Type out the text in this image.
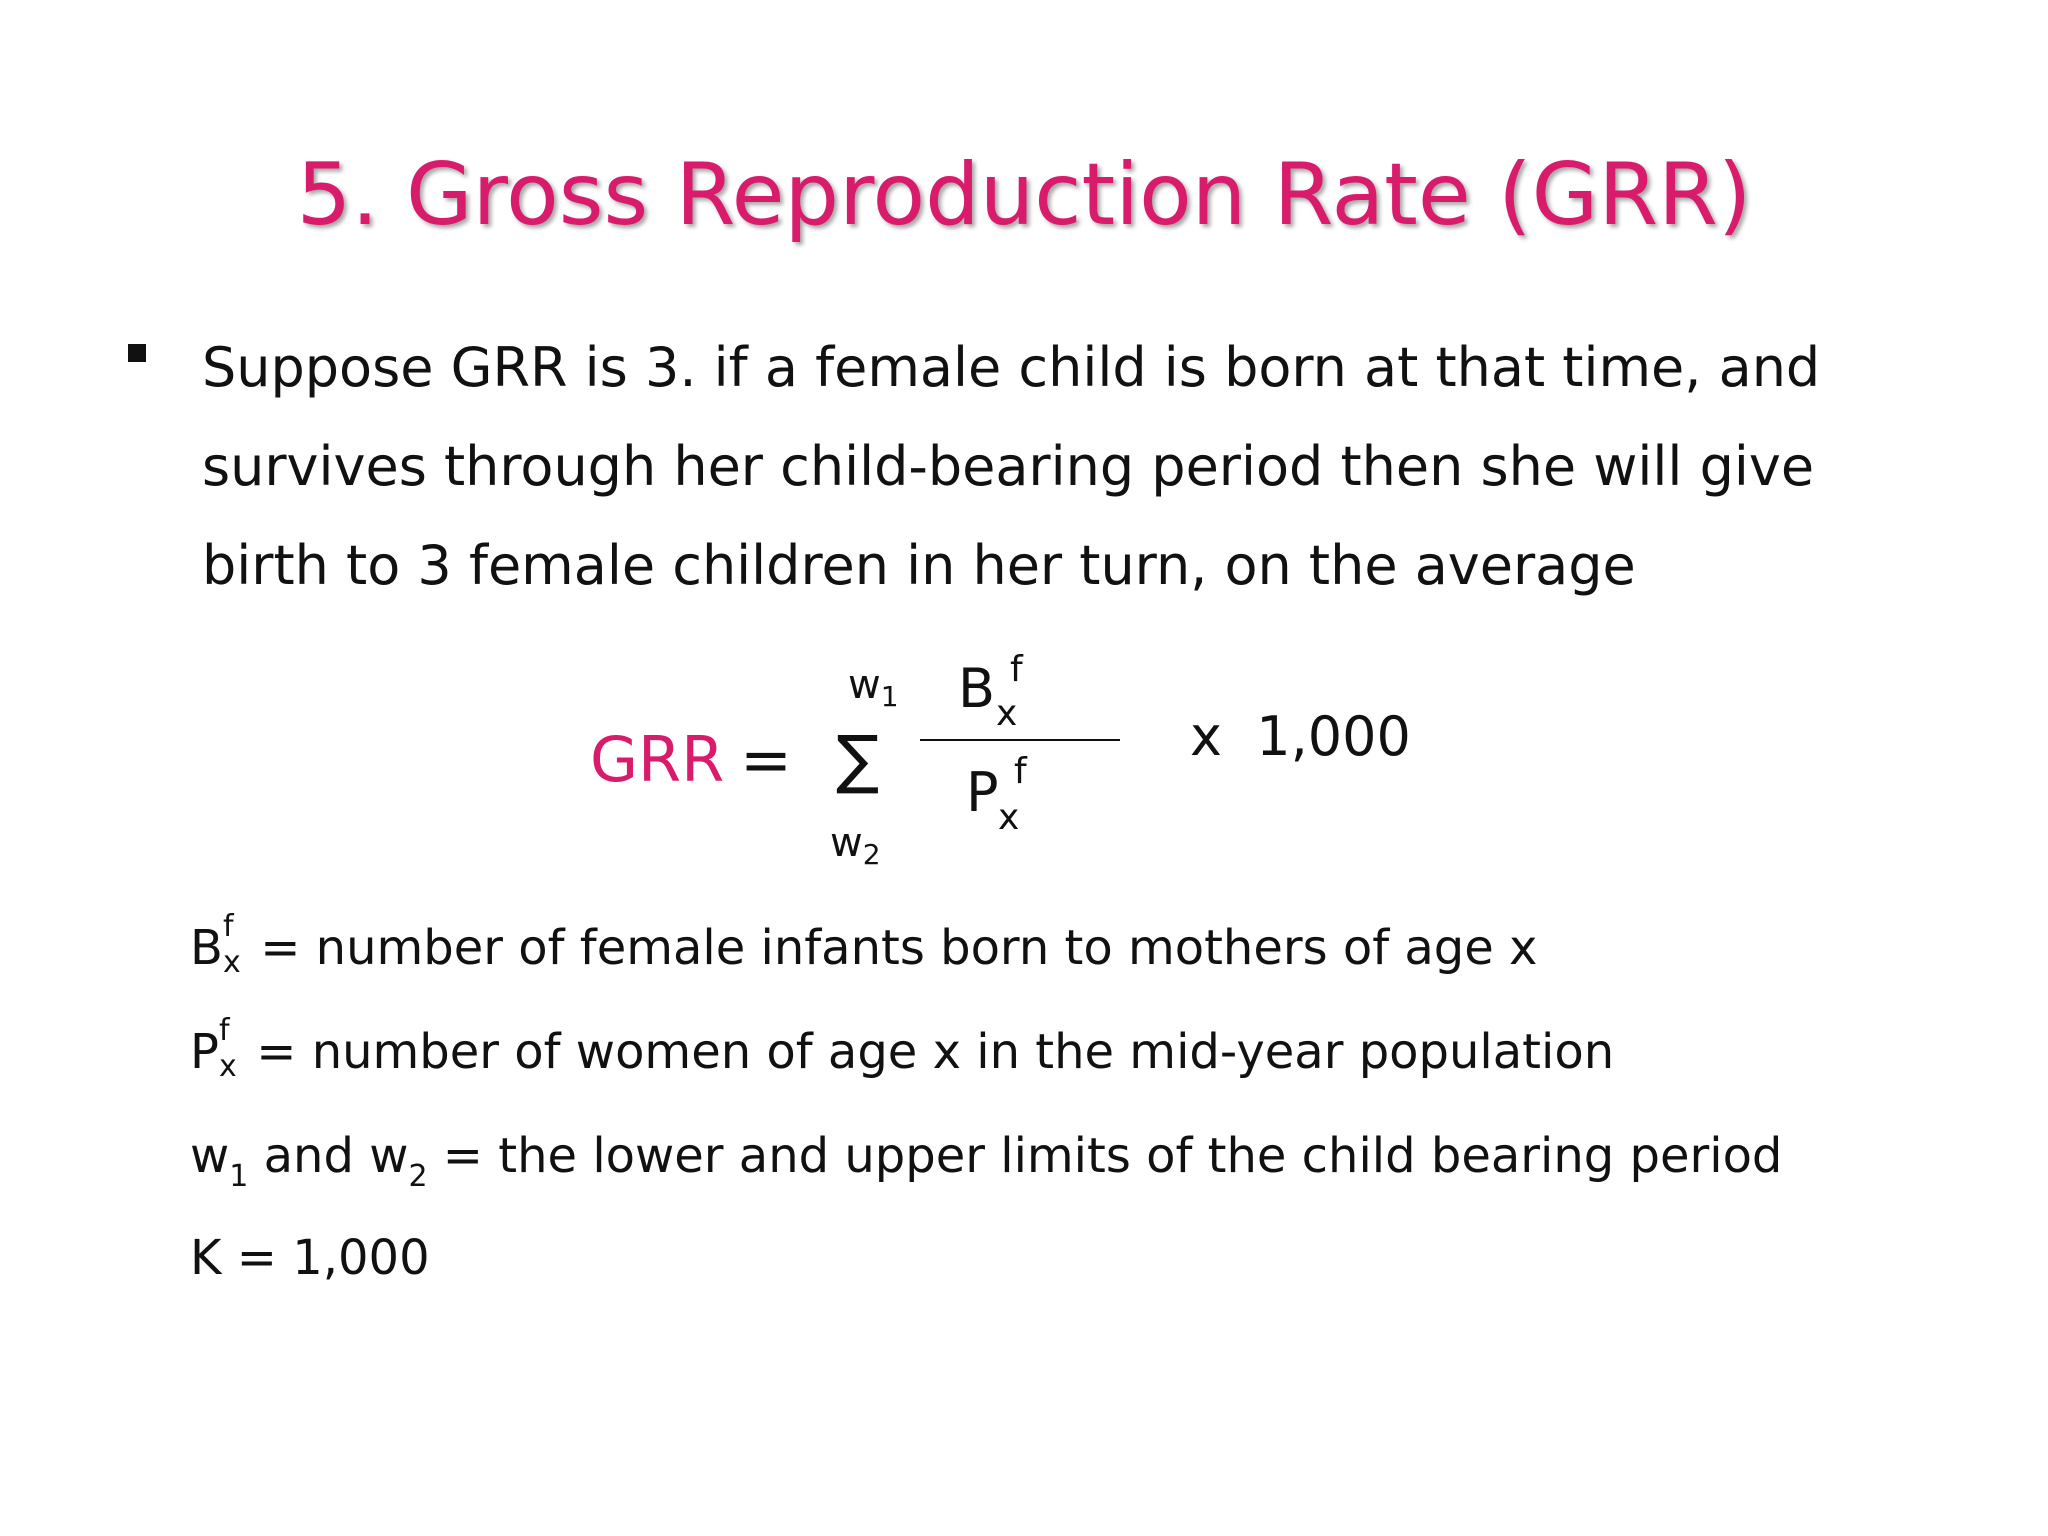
5. Gross Reproduction Rate (GRR)
Suppose GRR is 3. if a female child is born at that time, and
survives through her child-bearing period then she will give
birth to 3 female children in her turn, on the average
GRR =
$w_1$
∑
$w_2$
B x
f
P x
f
x  1,000
B f
x = number of female infants born to mothers of age x
P f
x = number of women of age x in the mid-year population
$w_1$ and $w_2$ = the lower and upper limits of the child bearing period
K = 1,000
